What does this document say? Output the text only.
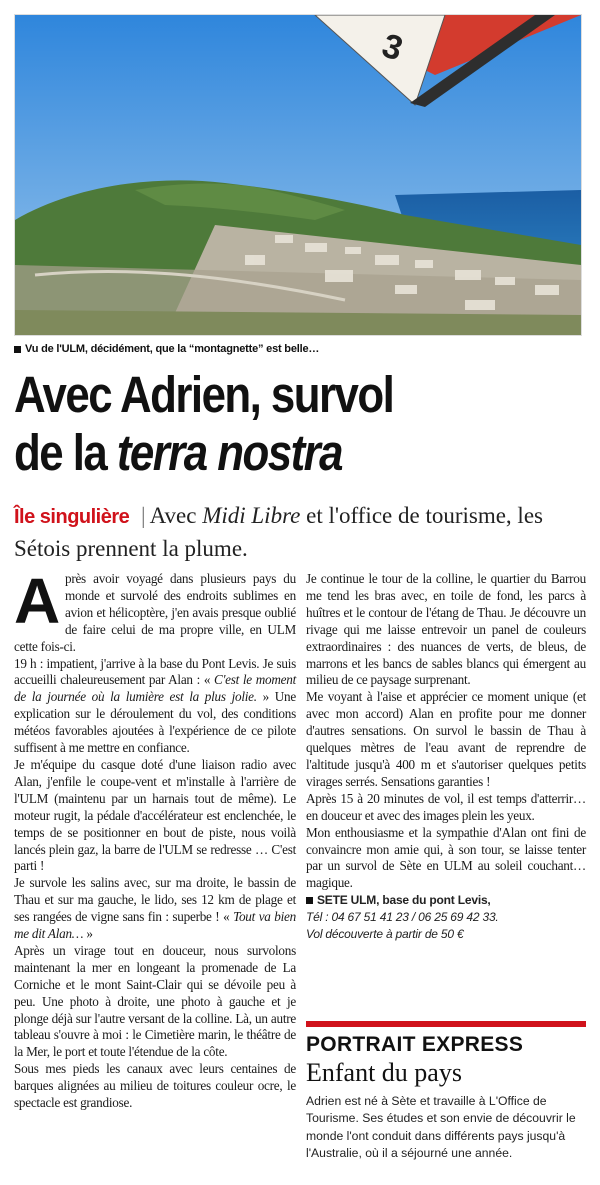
3
Vu de l'ULM, décidément, que la “montagnette” est belle…
Avec Adrien, survol
de la terra nostra
Île singulière | Avec Midi Libre et l'office de tourisme, les Sétois prennent la plume.

Après avoir voyagé dans plusieurs pays du monde et survolé des endroits sublimes en avion et hélicoptère, j'en avais presque oublié de faire celui de ma propre ville, en ULM cette fois-ci.

19 h : impatient, j'arrive à la base du Pont Levis. Je suis accueilli chaleureusement par Alan : « C'est le moment de la journée où la lumière est la plus jolie. » Une explication sur le déroulement du vol, des conditions météos favorables ajoutées à l'expérience de ce pilote suffisent à me mettre en confiance.

Je m'équipe du casque doté d'une liaison radio avec Alan, j'enfile le coupe-vent et m'installe à l'arrière de l'ULM (maintenu par un harnais tout de même). Le moteur rugit, la pédale d'accélérateur est enclenchée, le temps de se positionner en bout de piste, nous voilà lancés plein gaz, la barre de l'ULM se redresse … C'est parti !

Je survole les salins avec, sur ma droite, le bassin de Thau et sur ma gauche, le lido, ses 12 km de plage et ses rangées de vigne sans fin : superbe ! « Tout va bien me dit Alan… »

Après un virage tout en douceur, nous survolons maintenant la mer en longeant la promenade de La Corniche et le mont Saint-Clair qui se dévoile peu à peu. Une photo à droite, une photo à gauche et je plonge déjà sur l'autre versant de la colline. Là, un autre tableau s'ouvre à moi : le Cimetière marin, le théâtre de la Mer, le port et toute l'étendue de la côte.

Sous mes pieds les canaux avec leurs centaines de barques alignées au milieu de toitures couleur ocre, le spectacle est grandiose.

Je continue le tour de la colline, le quartier du Barrou me tend les bras avec, en toile de fond, les parcs à huîtres et le contour de l'étang de Thau. Je découvre un rivage qui me laisse entrevoir un panel de couleurs extraordinaires : des nuances de verts, de bleus, de marrons et les bancs de sables blancs qui émergent au milieu de ce paysage surprenant.

Me voyant à l'aise et apprécier ce moment unique (et avec mon accord) Alan en profite pour me donner d'autres sensations. On survol le bassin de Thau à quelques mètres de l'eau avant de reprendre de l'altitude jusqu'à 400 m et s'autoriser quelques petits virages serrés. Sensations garanties !

Après 15 à 20 minutes de vol, il est temps d'atterrir… en douceur et avec des images plein les yeux.

Mon enthousiasme et la sympathie d'Alan ont fini de convaincre mon amie qui, à son tour, se laisse tenter par un survol de Sète en ULM au soleil couchant… magique.

SETE ULM, base du pont Levis,
Tél : 04 67 51 41 23 / 06 25 69 42 33.
Vol découverte à partir de 50 €
PORTRAIT EXPRESS
Enfant du pays
Adrien est né à Sète et travaille à L'Office de Tourisme. Ses études et son envie de découvrir le monde l'ont conduit dans différents pays jusqu'à l'Australie, où il a séjourné une année.
